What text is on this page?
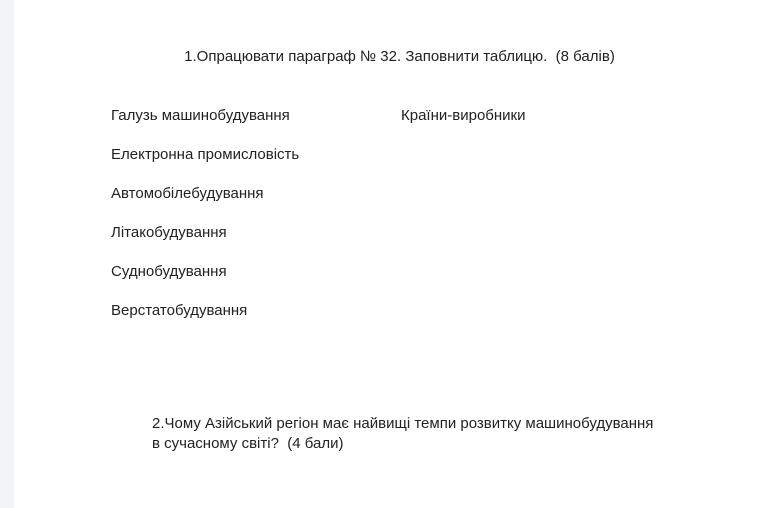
1.Опрацювати параграф № 32. Заповнити таблицю.  (8 балів)
Галузь машинобудування
Електронна промисловість
Автомобілебудування
Літакобудування
Суднобудування
Верстатобудування
Країни-виробники
2.Чому Азійський регіон має найвищі темпи розвитку машинобудування
в сучасному світі?  (4 бали)
